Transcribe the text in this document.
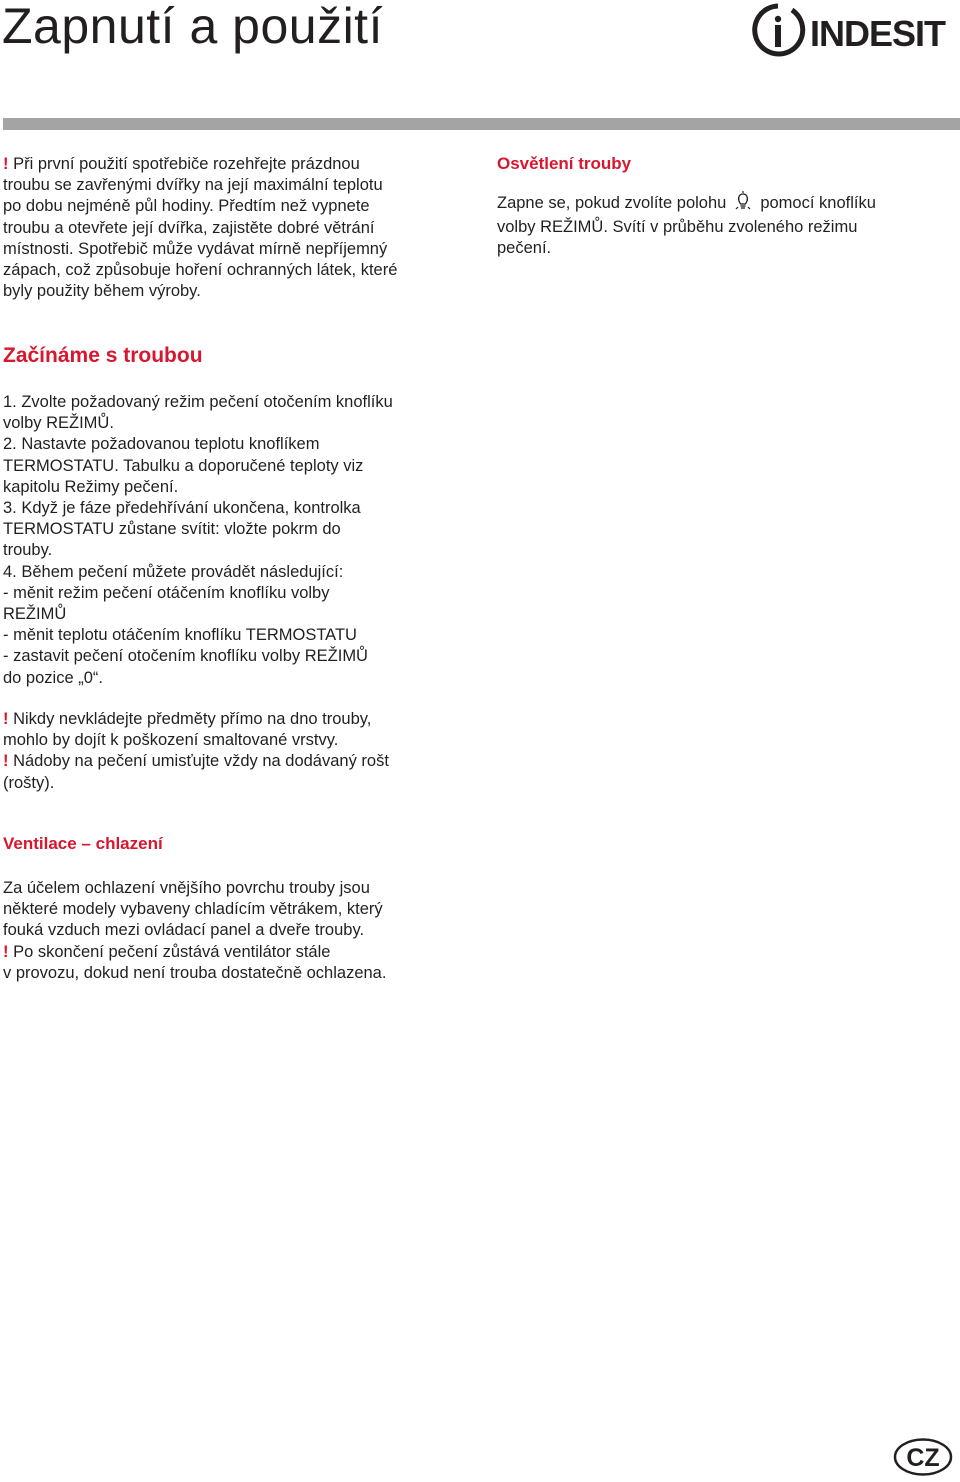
Zapnutí a použití	INDESIT

! Při první použití spotřebiče rozehřejte prázdnou

troubu se zavřenými dvířky na její maximální teplotu

po dobu nejméně půl hodiny. Předtím než vypnete

troubu a otevřete její dvířka, zajistěte dobré větrání

místnosti. Spotřebič může vydávat mírně nepříjemný

zápach, což způsobuje hoření ochranných látek, které

byly použity během výroby.

Osvětlení trouby

Zapne se, pokud zvolíte polohu pomocí knoflíku

volby REŽIMŮ. Svítí v průběhu zvoleného režimu

pečení.

Začínáme s troubou

1. Zvolte požadovaný režim pečení otočením knoflíku

volby REŽIMŮ.

2. Nastavte požadovanou teplotu knoflíkem

TERMOSTATU. Tabulku a doporučené teploty viz

kapitolu Režimy pečení.

3. Když je fáze předehřívání ukončena, kontrolka

TERMOSTATU zůstane svítit: vložte pokrm do

trouby.

4. Během pečení můžete provádět následující:

- měnit režim pečení otáčením knoflíku volby

REŽIMŮ

- měnit teplotu otáčením knoflíku TERMOSTATU

- zastavit pečení otočením knoflíku volby REŽIMŮ

do pozice „0“.

! Nikdy nevkládejte předměty přímo na dno trouby,

mohlo by dojít k poškození smaltované vrstvy.

! Nádoby na pečení umisťujte vždy na dodávaný rošt

(rošty).

Ventilace – chlazení

Za účelem ochlazení vnějšího povrchu trouby jsou

některé modely vybaveny chladícím větrákem, který

fouká vzduch mezi ovládací panel a dveře trouby.

! Po skončení pečení zůstává ventilátor stále

v provozu, dokud není trouba dostatečně ochlazena.

CZ
